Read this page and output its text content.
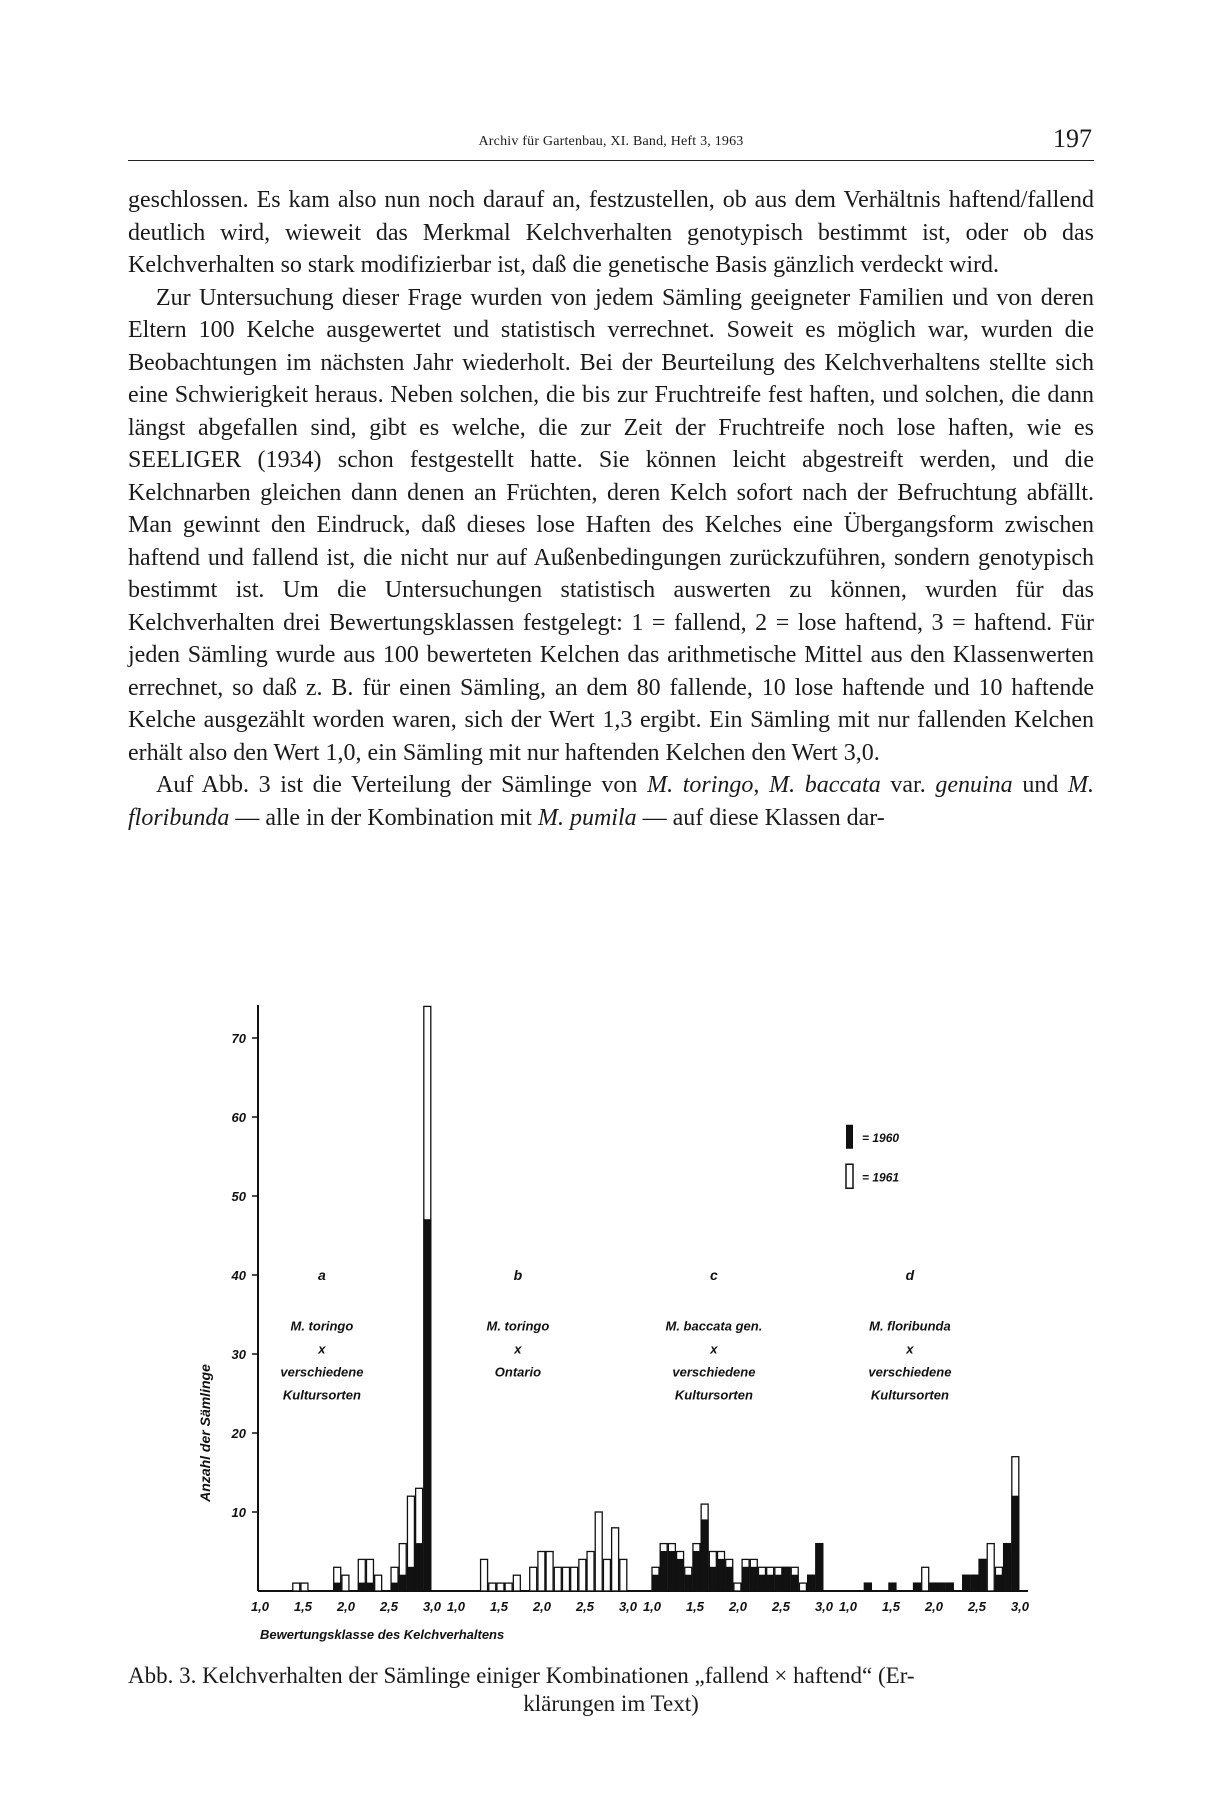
Archiv für Gartenbau, XI. Band, Heft 3, 1963	197

geschlossen. Es kam also nun noch darauf an, festzustellen, ob aus dem Verhältnis haftend/fallend deutlich wird, wieweit das Merkmal Kelchverhalten genotypisch bestimmt ist, oder ob das Kelchverhalten so stark modifizierbar ist, daß die genetische Basis gänzlich verdeckt wird.

Zur Untersuchung dieser Frage wurden von jedem Sämling geeigneter Familien und von deren Eltern 100 Kelche ausgewertet und statistisch verrechnet. Soweit es möglich war, wurden die Beobachtungen im nächsten Jahr wiederholt. Bei der Beurteilung des Kelchverhaltens stellte sich eine Schwierigkeit heraus. Neben solchen, die bis zur Fruchtreife fest haften, und solchen, die dann längst abgefallen sind, gibt es welche, die zur Zeit der Fruchtreife noch lose haften, wie es SEELIGER (1934) schon festgestellt hatte. Sie können leicht abgestreift werden, und die Kelchnarben gleichen dann denen an Früchten, deren Kelch sofort nach der Befruchtung abfällt. Man gewinnt den Eindruck, daß dieses lose Haften des Kelches eine Übergangsform zwischen haftend und fallend ist, die nicht nur auf Außenbedingungen zurückzuführen, sondern genotypisch bestimmt ist. Um die Untersuchungen statistisch auswerten zu können, wurden für das Kelchverhalten drei Bewertungsklassen festgelegt: 1 = fallend, 2 = lose haftend, 3 = haftend. Für jeden Sämling wurde aus 100 bewerteten Kelchen das arithmetische Mittel aus den Klassenwerten errechnet, so daß z. B. für einen Sämling, an dem 80 fallende, 10 lose haftende und 10 haftende Kelche ausgezählt worden waren, sich der Wert 1,3 ergibt. Ein Sämling mit nur fallenden Kelchen erhält also den Wert 1,0, ein Sämling mit nur haftenden Kelchen den Wert 3,0.

Auf Abb. 3 ist die Verteilung der Sämlinge von M. toringo, M. baccata var. genuina und M. floribunda — alle in der Kombination mit M. pumila — auf diese Klassen dar-

10
20
30
40
50
60
70
Anzahl der Sämlinge
1,0 1,5 2,0 2,5 3,0
a
M. toringo
x
verschiedene
Kultursorten
1,0 1,5 2,0 2,5 3,0
b
M. toringo
x
Ontario
1,0 1,5 2,0 2,5 3,0
c
M. baccata gen.
x
verschiedene
Kultursorten
1,0 1,5 2,0 2,5 3,0
d
M. floribunda
x
verschiedene
Kultursorten
Bewertungsklasse des Kelchverhaltens
= 1960
= 1961
Abb. 3. Kelchverhalten der Sämlinge einiger Kombinationen „fallend × haftend“ (Er-
klärungen im Text)
